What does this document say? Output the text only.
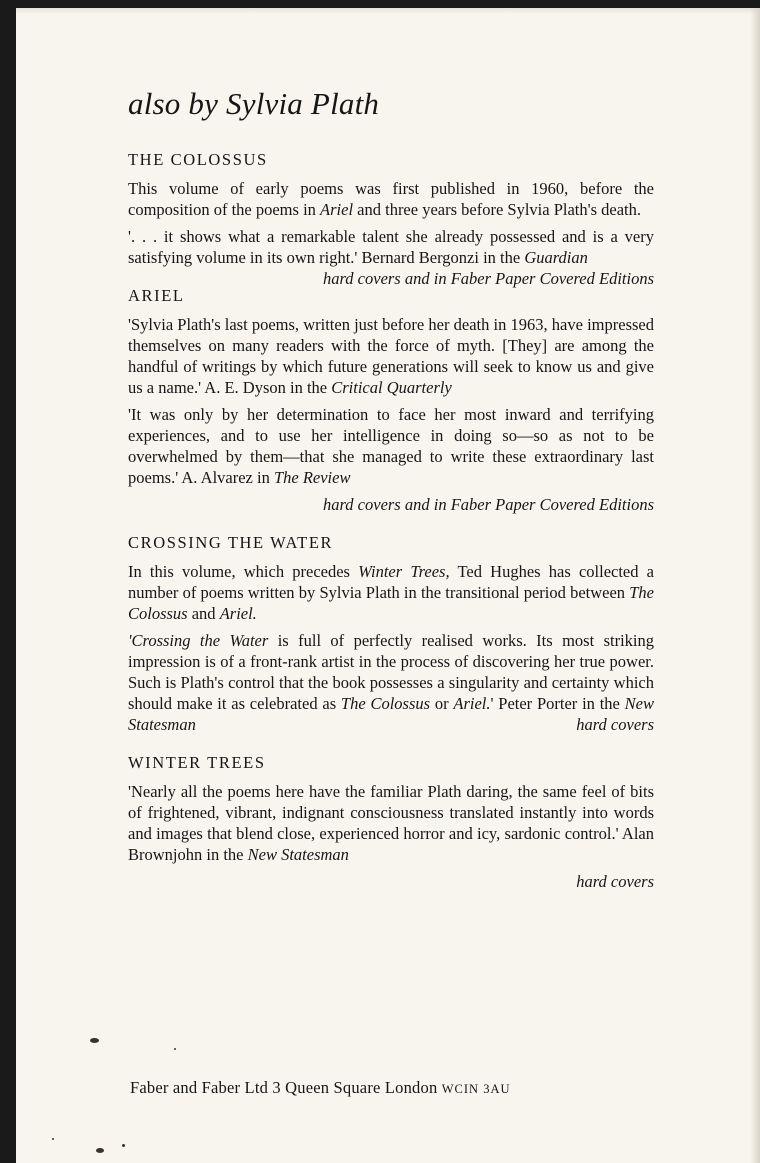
also by Sylvia Plath
THE COLOSSUS

This volume of early poems was first published in 1960, before the composition of the poems in Ariel and three years before Sylvia Plath's death.

'. . . it shows what a remarkable talent she already possessed and is a very satisfying volume in its own right.' Bernard Bergonzi in the Guardian
hard covers and in Faber Paper Covered Editions

ARIEL

'Sylvia Plath's last poems, written just before her death in 1963, have impressed themselves on many readers with the force of myth. [They] are among the handful of writings by which future generations will seek to know us and give us a name.' A. E. Dyson in the Critical Quarterly

'It was only by her determination to face her most inward and terrifying experiences, and to use her intelligence in doing so—so as not to be overwhelmed by them—that she managed to write these extraordinary last poems.' A. Alvarez in The Review

hard covers and in Faber Paper Covered Editions

CROSSING THE WATER

In this volume, which precedes Winter Trees, Ted Hughes has collected a number of poems written by Sylvia Plath in the transitional period between The Colossus and Ariel.

'Crossing the Water is full of perfectly realised works. Its most striking impression is of a front-rank artist in the process of discovering her true power. Such is Plath's control that the book possesses a singularity and certainty which should make it as celebrated as The Colossus or Ariel.' Peter Porter in the New Statesman	hard covers

WINTER TREES

'Nearly all the poems here have the familiar Plath daring, the same feel of bits of frightened, vibrant, indignant consciousness translated instantly into words and images that blend close, experienced horror and icy, sardonic control.' Alan Brownjohn in the New Statesman

hard covers

Faber and Faber Ltd 3 Queen Square London WCIN 3AU
